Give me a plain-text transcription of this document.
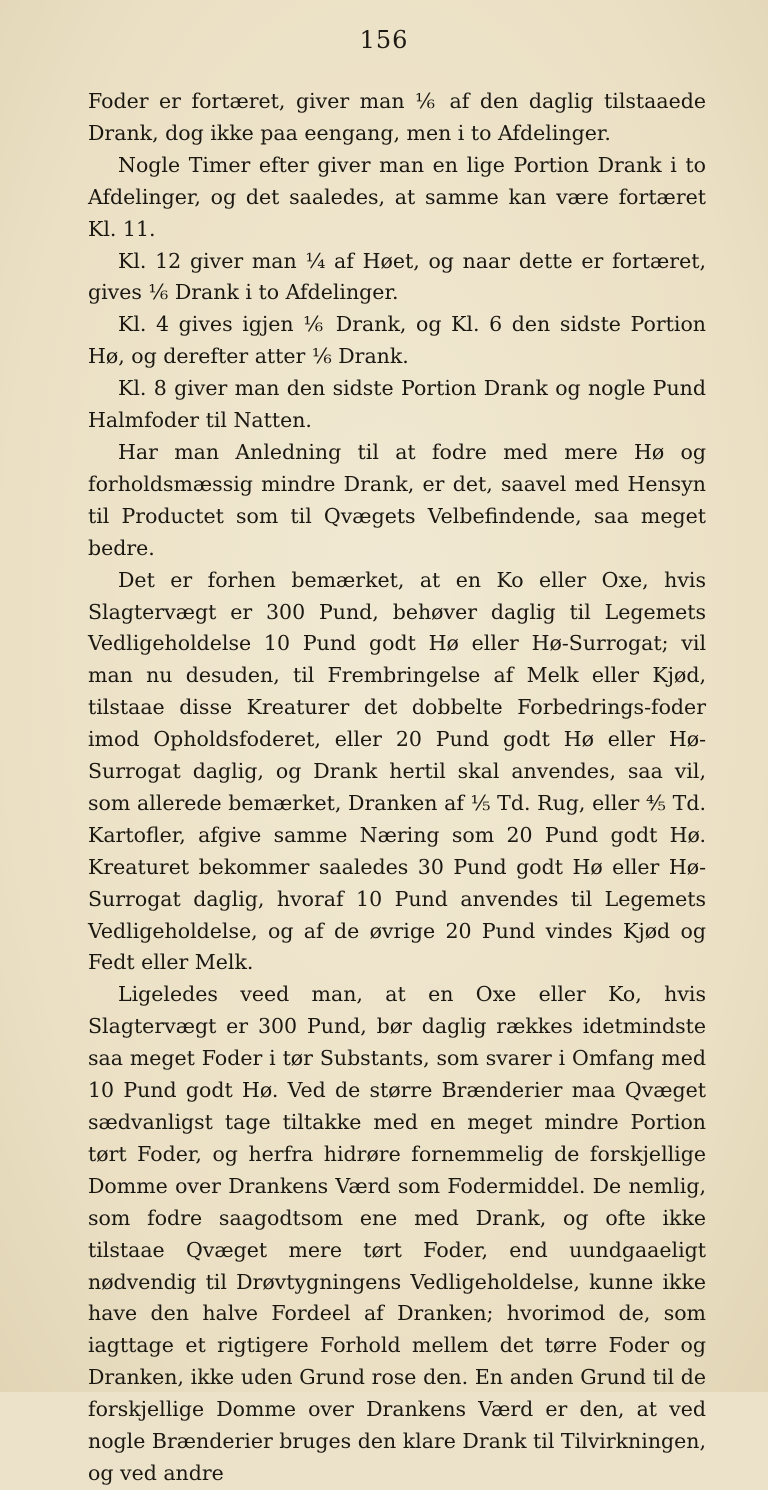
156

Foder er fortæret, giver man ⅙ af den daglig tilstaaede Drank, dog ikke paa eengang, men i to Afdelinger.

Nogle Timer efter giver man en lige Portion Drank i to Afdelinger, og det saaledes, at samme kan være fortæret Kl. 11.

Kl. 12 giver man ¼ af Høet, og naar dette er fortæret, gives ⅙ Drank i to Afdelinger.

Kl. 4 gives igjen ⅙ Drank, og Kl. 6 den sidste Portion Hø, og derefter atter ⅙ Drank.

Kl. 8 giver man den sidste Portion Drank og nogle Pund Halmfoder til Natten.

Har man Anledning til at fodre med mere Hø og forholdsmæssig mindre Drank, er det, saavel med Hensyn til Productet som til Qvægets Velbefindende, saa meget bedre.

Det er forhen bemærket, at en Ko eller Oxe, hvis Slagtervægt er 300 Pund, behøver daglig til Legemets Vedligeholdelse 10 Pund godt Hø eller Hø-Surrogat; vil man nu desuden, til Frembringelse af Melk eller Kjød, tilstaae disse Kreaturer det dobbelte Forbedrings-foder imod Opholdsfoderet, eller 20 Pund godt Hø eller Hø-Surrogat daglig, og Drank hertil skal anvendes, saa vil, som allerede bemærket, Dranken af ⅕ Td. Rug, eller ⅘ Td. Kartofler, afgive samme Næring som 20 Pund godt Hø. Kreaturet bekommer saaledes 30 Pund godt Hø eller Hø-Surrogat daglig, hvoraf 10 Pund anvendes til Legemets Vedligeholdelse, og af de øvrige 20 Pund vindes Kjød og Fedt eller Melk.

Ligeledes veed man, at en Oxe eller Ko, hvis Slagtervægt er 300 Pund, bør daglig rækkes idetmindste saa meget Foder i tør Substants, som svarer i Omfang med 10 Pund godt Hø. Ved de større Brænderier maa Qvæget sædvanligst tage tiltakke med en meget mindre Portion tørt Foder, og herfra hidrøre fornemmelig de forskjellige Domme over Drankens Værd som Fodermiddel. De nemlig, som fodre saagodtsom ene med Drank, og ofte ikke tilstaae Qvæget mere tørt Foder, end uundgaaeligt nødvendig til Drøvtygningens Vedligeholdelse, kunne ikke have den halve Fordeel af Dranken; hvorimod de, som iagttage et rigtigere Forhold mellem det tørre Foder og Dranken, ikke uden Grund rose den. En anden Grund til de forskjellige Domme over Drankens Værd er den, at ved nogle Brænderier bruges den klare Drank til Tilvirkningen, og ved andre
